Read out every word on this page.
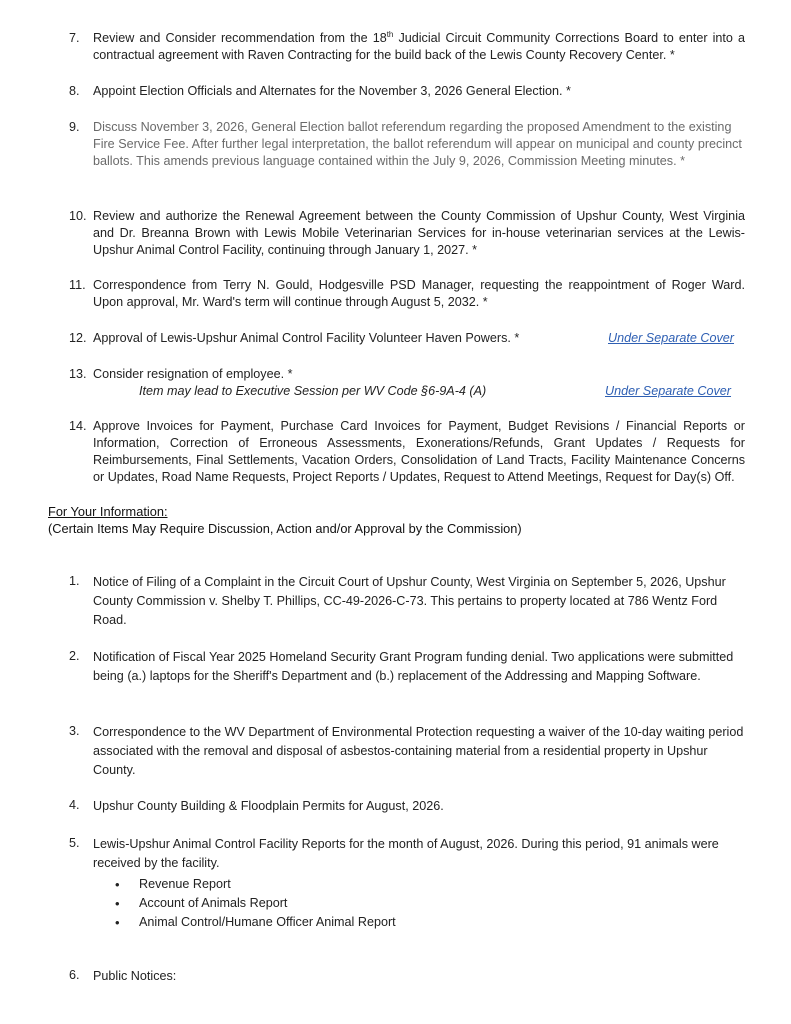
7.	Review and Consider recommendation from the 18th Judicial Circuit Community Corrections Board to enter into a contractual agreement with Raven Contracting for the build back of the Lewis County Recovery Center. *
8.	Appoint Election Officials and Alternates for the November 3, 2026 General Election. *
9.	Discuss November 3, 2026, General Election ballot referendum regarding the proposed Amendment to the existing Fire Service Fee. After further legal interpretation, the ballot referendum will appear on municipal and county precinct ballots. This amends previous language contained within the July 9, 2026, Commission Meeting minutes. *
10. Review and authorize the Renewal Agreement between the County Commission of Upshur County, West Virginia and Dr. Breanna Brown with Lewis Mobile Veterinarian Services for in-house veterinarian services at the Lewis-Upshur Animal Control Facility, continuing through January 1, 2027. *
11. Correspondence from Terry N. Gould, Hodgesville PSD Manager, requesting the reappointment of Roger Ward. Upon approval, Mr. Ward's term will continue through August 5, 2032. *
12. Approval of Lewis-Upshur Animal Control Facility Volunteer Haven Powers. *	Under Separate Cover
13. Consider resignation of employee. *
Item may lead to Executive Session per WV Code §6-9A-4 (A)	Under Separate Cover
14. Approve Invoices for Payment, Purchase Card Invoices for Payment, Budget Revisions / Financial Reports or Information, Correction of Erroneous Assessments, Exonerations/Refunds, Grant Updates / Requests for Reimbursements, Final Settlements, Vacation Orders, Consolidation of Land Tracts, Facility Maintenance Concerns or Updates, Road Name Requests, Project Reports / Updates, Request to Attend Meetings, Request for Day(s) Off.
For Your Information:
(Certain Items May Require Discussion, Action and/or Approval by the Commission)
1.	Notice of Filing of a Complaint in the Circuit Court of Upshur County, West Virginia on September 5, 2026, Upshur County Commission v. Shelby T. Phillips, CC-49-2026-C-73. This pertains to property located at 786 Wentz Ford Road.
2.	Notification of Fiscal Year 2025 Homeland Security Grant Program funding denial. Two applications were submitted being (a.) laptops for the Sheriff's Department and (b.) replacement of the Addressing and Mapping Software.
3.	Correspondence to the WV Department of Environmental Protection requesting a waiver of the 10-day waiting period associated with the removal and disposal of asbestos-containing material from a residential property in Upshur County.
4.	Upshur County Building & Floodplain Permits for August, 2026.
5.	Lewis-Upshur Animal Control Facility Reports for the month of August, 2026. During this period, 91 animals were received by the facility.
• Revenue Report
• Account of Animals Report
• Animal Control/Humane Officer Animal Report
6.	Public Notices:
